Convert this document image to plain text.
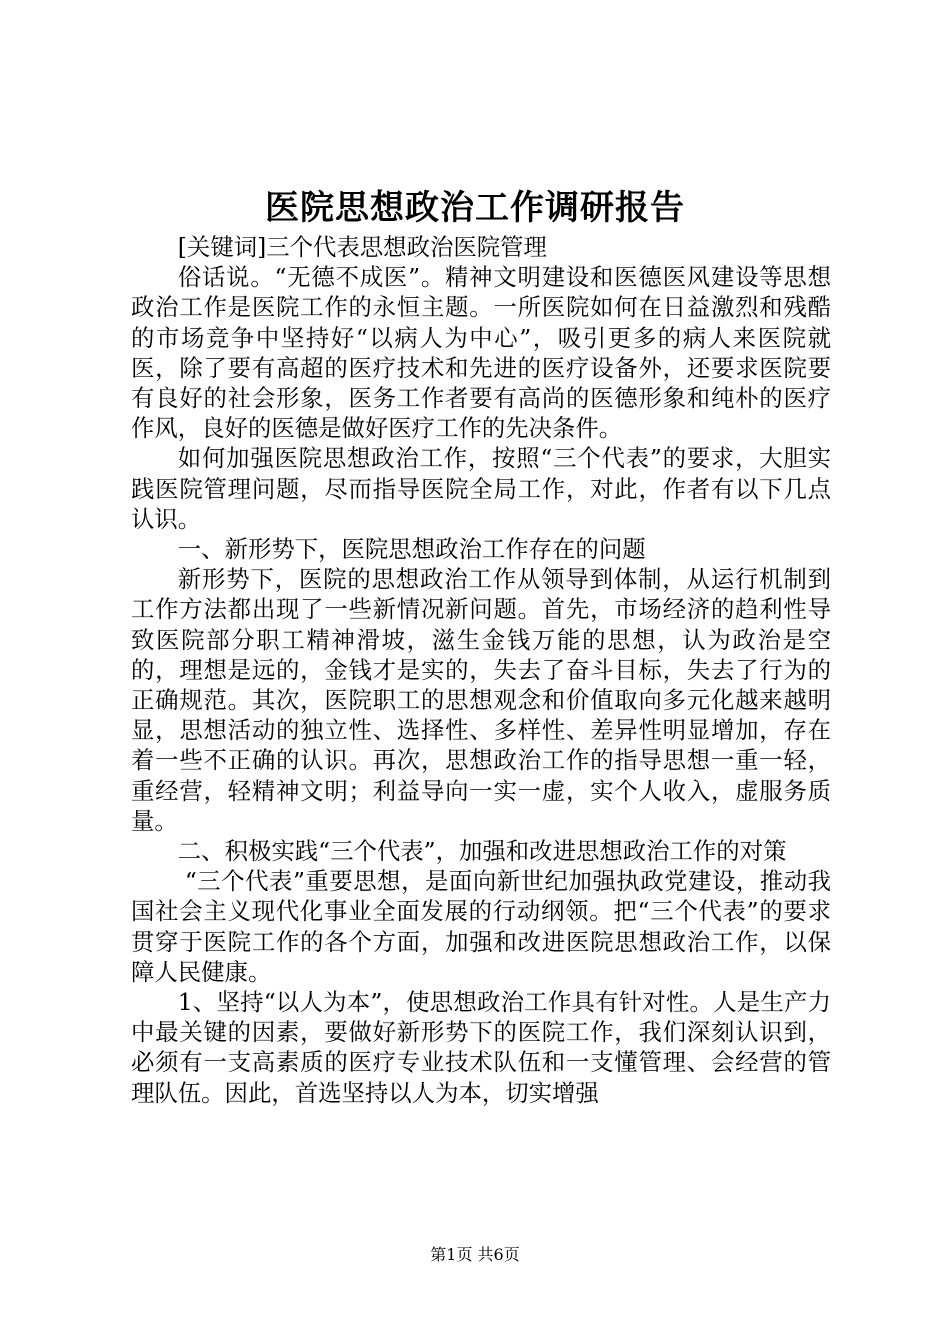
医院思想政治工作调研报告

[关键词]三个代表思想政治医院管理

俗话说。“无德不成医”。精神文明建设和医德医风建设等思想政治工作是医院工作的永恒主题。一所医院如何在日益激烈和残酷的市场竞争中坚持好“以病人为中心”，吸引更多的病人来医院就医，除了要有高超的医疗技术和先进的医疗设备外，还要求医院要有良好的社会形象，医务工作者要有高尚的医德形象和纯朴的医疗作风，良好的医德是做好医疗工作的先决条件。

如何加强医院思想政治工作，按照“三个代表”的要求，大胆实践医院管理问题，尽而指导医院全局工作，对此，作者有以下几点认识。

一、新形势下，医院思想政治工作存在的问题

新形势下，医院的思想政治工作从领导到体制，从运行机制到工作方法都出现了一些新情况新问题。首先，市场经济的趋利性导致医院部分职工精神滑坡，滋生金钱万能的思想，认为政治是空的，理想是远的，金钱才是实的，失去了奋斗目标，失去了行为的正确规范。其次，医院职工的思想观念和价值取向多元化越来越明显，思想活动的独立性、选择性、多样性、差异性明显增加，存在着一些不正确的认识。再次，思想政治工作的指导思想一重一轻，重经营，轻精神文明；利益导向一实一虚，实个人收入，虚服务质量。

二、积极实践“三个代表”，加强和改进思想政治工作的对策

“三个代表”重要思想，是面向新世纪加强执政党建设，推动我国社会主义现代化事业全面发展的行动纲领。把“三个代表”的要求贯穿于医院工作的各个方面，加强和改进医院思想政治工作，以保障人民健康。

1、坚持“以人为本”，使思想政治工作具有针对性。人是生产力中最关键的因素，要做好新形势下的医院工作，我们深刻认识到，必须有一支高素质的医疗专业技术队伍和一支懂管理、会经营的管理队伍。因此，首选坚持以人为本，切实增强

第1页 共6页
